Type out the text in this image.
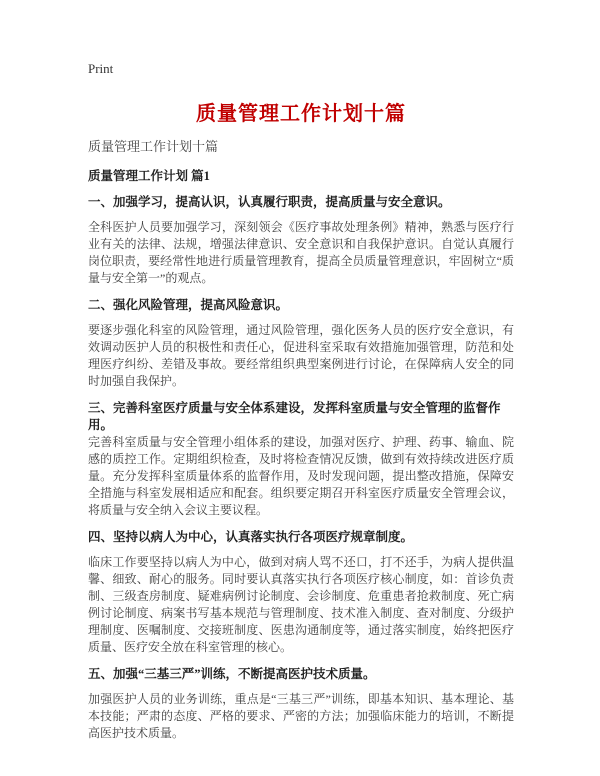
Print
质量管理工作计划十篇

质量管理工作计划十篇

质量管理工作计划 篇1

一、加强学习，提高认识，认真履行职责，提高质量与安全意识。

全科医护人员要加强学习，深刻领会《医疗事故处理条例》精神，熟悉与医疗行业有关的法律、法规，增强法律意识、安全意识和自我保护意识。自觉认真履行岗位职责，要经常性地进行质量管理教育，提高全员质量管理意识，牢固树立“质量与安全第一”的观点。

二、强化风险管理，提高风险意识。

要逐步强化科室的风险管理，通过风险管理，强化医务人员的医疗安全意识，有效调动医护人员的积极性和责任心，促进科室采取有效措施加强管理，防范和处理医疗纠纷、差错及事故。要经常组织典型案例进行讨论，在保障病人安全的同时加强自我保护。

三、完善科室医疗质量与安全体系建设，发挥科室质量与安全管理的监督作用。

完善科室质量与安全管理小组体系的建设，加强对医疗、护理、药事、输血、院感的质控工作。定期组织检查，及时将检查情况反馈，做到有效持续改进医疗质量。充分发挥科室质量体系的监督作用，及时发现问题，提出整改措施，保障安全措施与科室发展相适应和配套。组织要定期召开科室医疗质量安全管理会议，将质量与安全纳入会议主要议程。

四、坚持以病人为中心，认真落实执行各项医疗规章制度。

临床工作要坚持以病人为中心，做到对病人骂不还口，打不还手，为病人提供温馨、细致、耐心的服务。同时要认真落实执行各项医疗核心制度，如：首诊负责制、三级查房制度、疑难病例讨论制度、会诊制度、危重患者抢救制度、死亡病例讨论制度、病案书写基本规范与管理制度、技术准入制度、查对制度、分级护理制度、医嘱制度、交接班制度、医患沟通制度等，通过落实制度，始终把医疗质量、医疗安全放在科室管理的核心。

五、加强“三基三严”训练，不断提高医护技术质量。

加强医护人员的业务训练，重点是“三基三严”训练，即基本知识、基本理论、基本技能；严肃的态度、严格的要求、严密的方法；加强临床能力的培训，不断提高医护技术质量。
